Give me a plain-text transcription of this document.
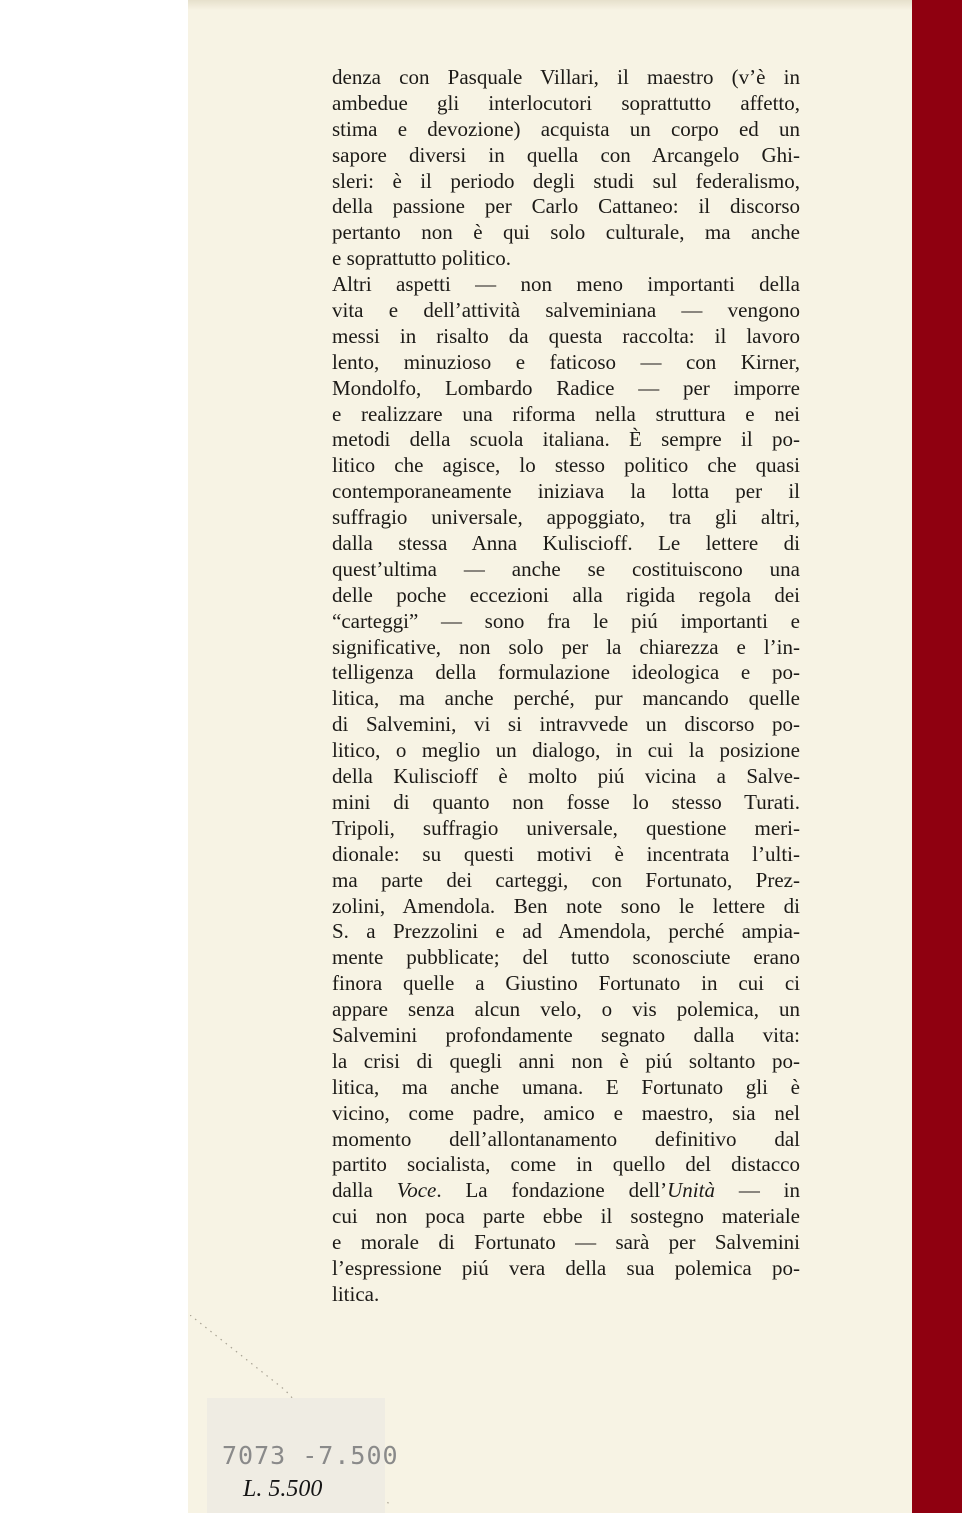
denza con Pasquale Villari, il maestro (v’è in
ambedue gli interlocutori soprattutto affetto,
stima e devozione) acquista un corpo ed un
sapore diversi in quella con Arcangelo Ghi-
sleri: è il periodo degli studi sul federalismo,
della passione per Carlo Cattaneo: il discorso
pertanto non è qui solo culturale, ma anche
e soprattutto politico.
Altri aspetti — non meno importanti della
vita e dell’attività salveminiana — vengono
messi in risalto da questa raccolta: il lavoro
lento, minuzioso e faticoso — con Kirner,
Mondolfo, Lombardo Radice — per imporre
e realizzare una riforma nella struttura e nei
metodi della scuola italiana. È sempre il po-
litico che agisce, lo stesso politico che quasi
contemporaneamente iniziava la lotta per il
suffragio universale, appoggiato, tra gli altri,
dalla stessa Anna Kuliscioff. Le lettere di
quest’ultima — anche se costituiscono una
delle poche eccezioni alla rigida regola dei
“carteggi” — sono fra le piú importanti e
significative, non solo per la chiarezza e l’in-
telligenza della formulazione ideologica e po-
litica, ma anche perché, pur mancando quelle
di Salvemini, vi si intravvede un discorso po-
litico, o meglio un dialogo, in cui la posizione
della Kuliscioff è molto piú vicina a Salve-
mini di quanto non fosse lo stesso Turati.
Tripoli, suffragio universale, questione meri-
dionale: su questi motivi è incentrata l’ulti-
ma parte dei carteggi, con Fortunato, Prez-
zolini, Amendola. Ben note sono le lettere di
S. a Prezzolini e ad Amendola, perché ampia-
mente pubblicate; del tutto sconosciute erano
finora quelle a Giustino Fortunato in cui ci
appare senza alcun velo, o vis polemica, un
Salvemini profondamente segnato dalla vita:
la crisi di quegli anni non è piú soltanto po-
litica, ma anche umana. E Fortunato gli è
vicino, come padre, amico e maestro, sia nel
momento dell’allontanamento definitivo dal
partito socialista, come in quello del distacco
dalla Voce. La fondazione dell’Unità — in
cui non poca parte ebbe il sostegno materiale
e morale di Fortunato — sarà per Salvemini
l’espressione piú vera della sua polemica po-
litica.
7073 -7.500
L. 5.500
